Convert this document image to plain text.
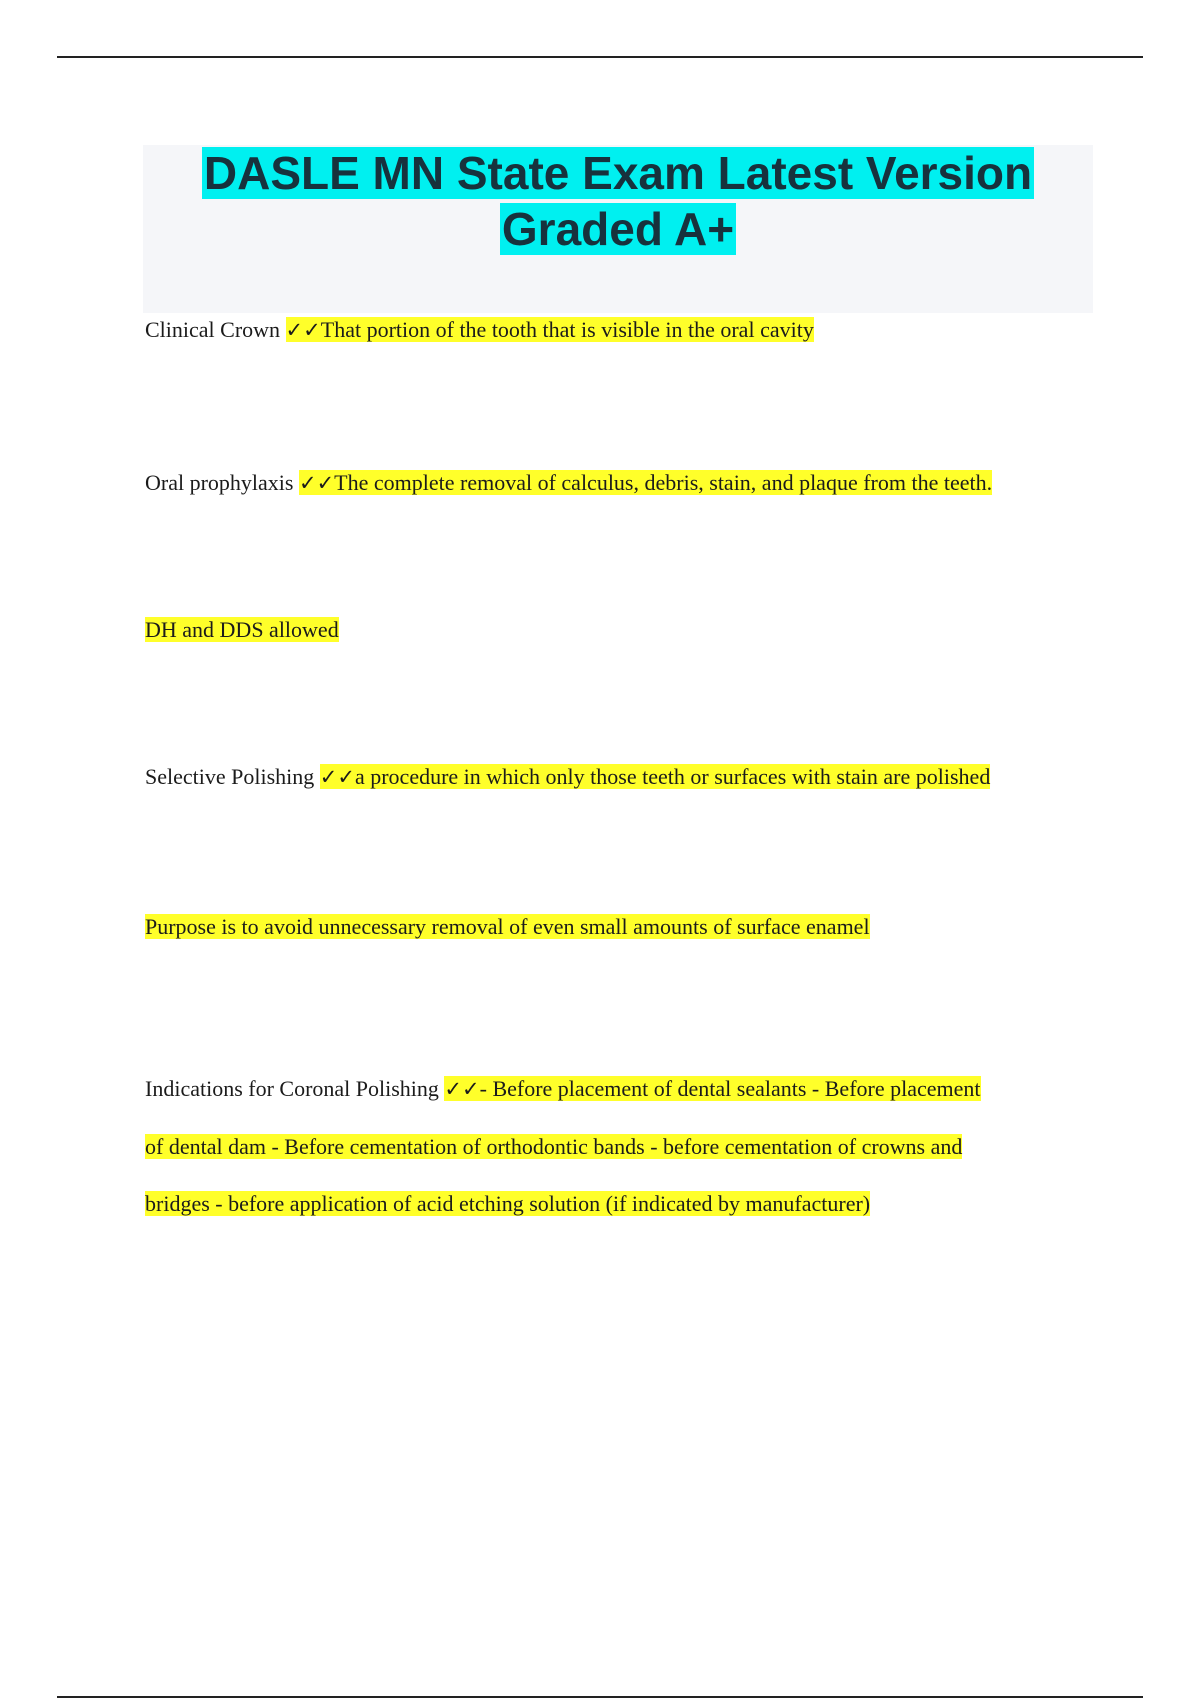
DASLE MN State Exam Latest Version
Graded A+

Clinical Crown ✓✓That portion of the tooth that is visible in the oral cavity

Oral prophylaxis ✓✓The complete removal of calculus, debris, stain, and plaque from the teeth.

DH and DDS allowed

Selective Polishing ✓✓a procedure in which only those teeth or surfaces with stain are polished

Purpose is to avoid unnecessary removal of even small amounts of surface enamel

Indications for Coronal Polishing ✓✓- Before placement of dental sealants - Before placement
of dental dam - Before cementation of orthodontic bands - before cementation of crowns and
bridges - before application of acid etching solution (if indicated by manufacturer)
